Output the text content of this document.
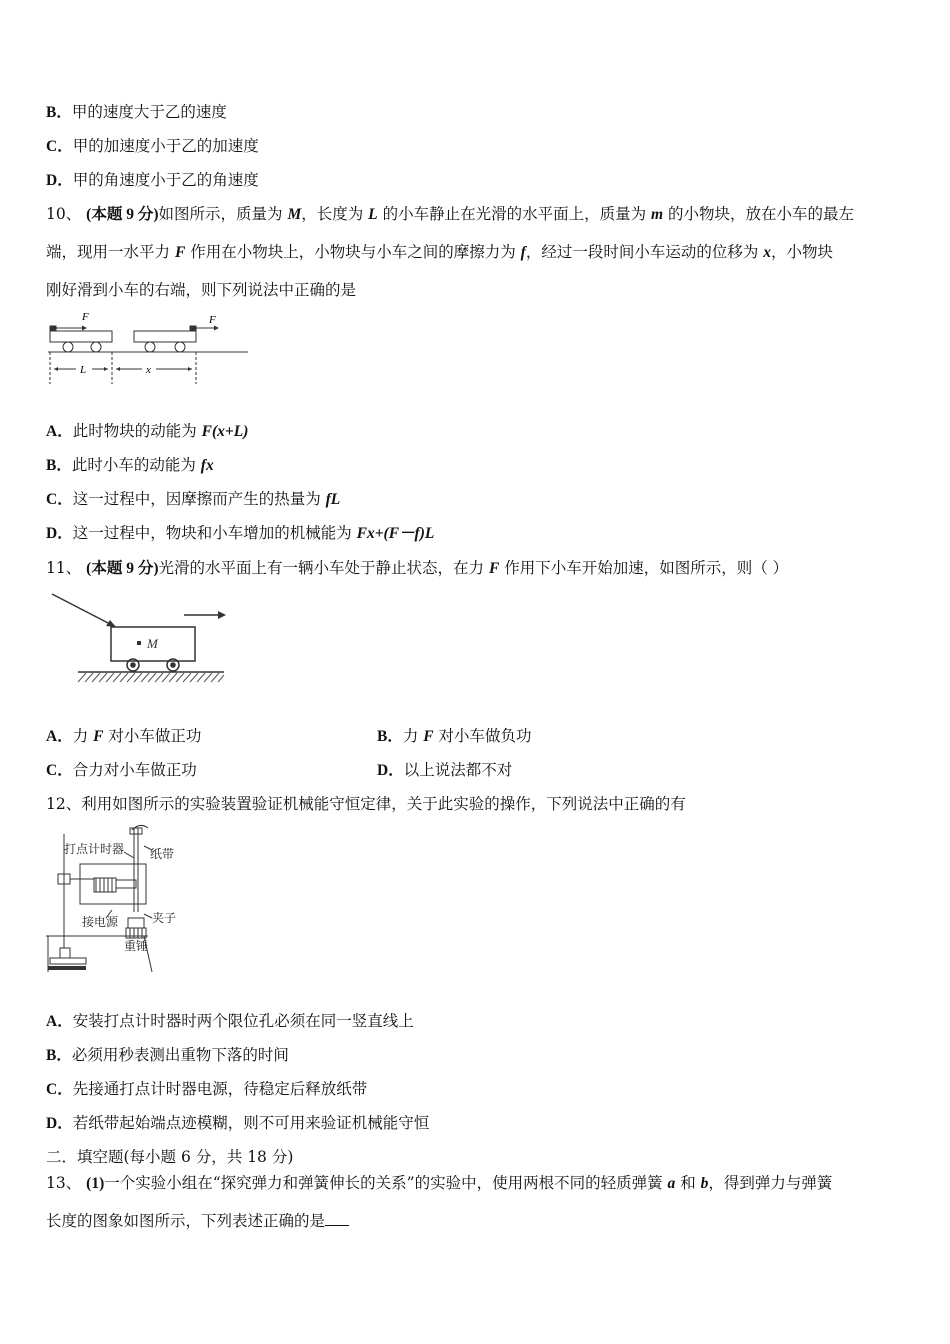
B．甲的速度大于乙的速度
C．甲的加速度小于乙的加速度
D．甲的角速度小于乙的角速度
10、 (本题 9 分)如图所示，质量为 M，长度为 L 的小车静止在光滑的水平面上，质量为 m 的小物块，放在小车的最左
端，现用一水平力 F 作用在小物块上，小物块与小车之间的摩擦力为 f，经过一段时间小车运动的位移为 x，小物块
刚好滑到小车的右端，则下列说法中正确的是
F	F
L	x
A．此时物块的动能为 F(x+L)
B．此时小车的动能为 fx
C．这一过程中，因摩擦而产生的热量为 fL
D．这一过程中，物块和小车增加的机械能为 Fx+(F－f)L
11、 (本题 9 分)光滑的水平面上有一辆小车处于静止状态，在力 F 作用下小车开始加速，如图所示，则（ ）
M
A．力 F 对小车做正功	B．力 F 对小车做负功
C．合力对小车做正功	D．以上说法都不对
12、利用如图所示的实验装置验证机械能守恒定律，关于此实验的操作，下列说法中正确的有
打点计时器 纸带
接电源	夹子
重锤
A．安装打点计时器时两个限位孔必须在同一竖直线上
B．必须用秒表测出重物下落的时间
C．先接通打点计时器电源，待稳定后释放纸带
D．若纸带起始端点迹模糊，则不可用来验证机械能守恒
二．填空题(每小题 6 分，共 18 分)
13、 (1)一个实验小组在“探究弹力和弹簧伸长的关系”的实验中，使用两根不同的轻质弹簧 a 和 b，得到弹力与弹簧
长度的图象如图所示，下列表述正确的是
